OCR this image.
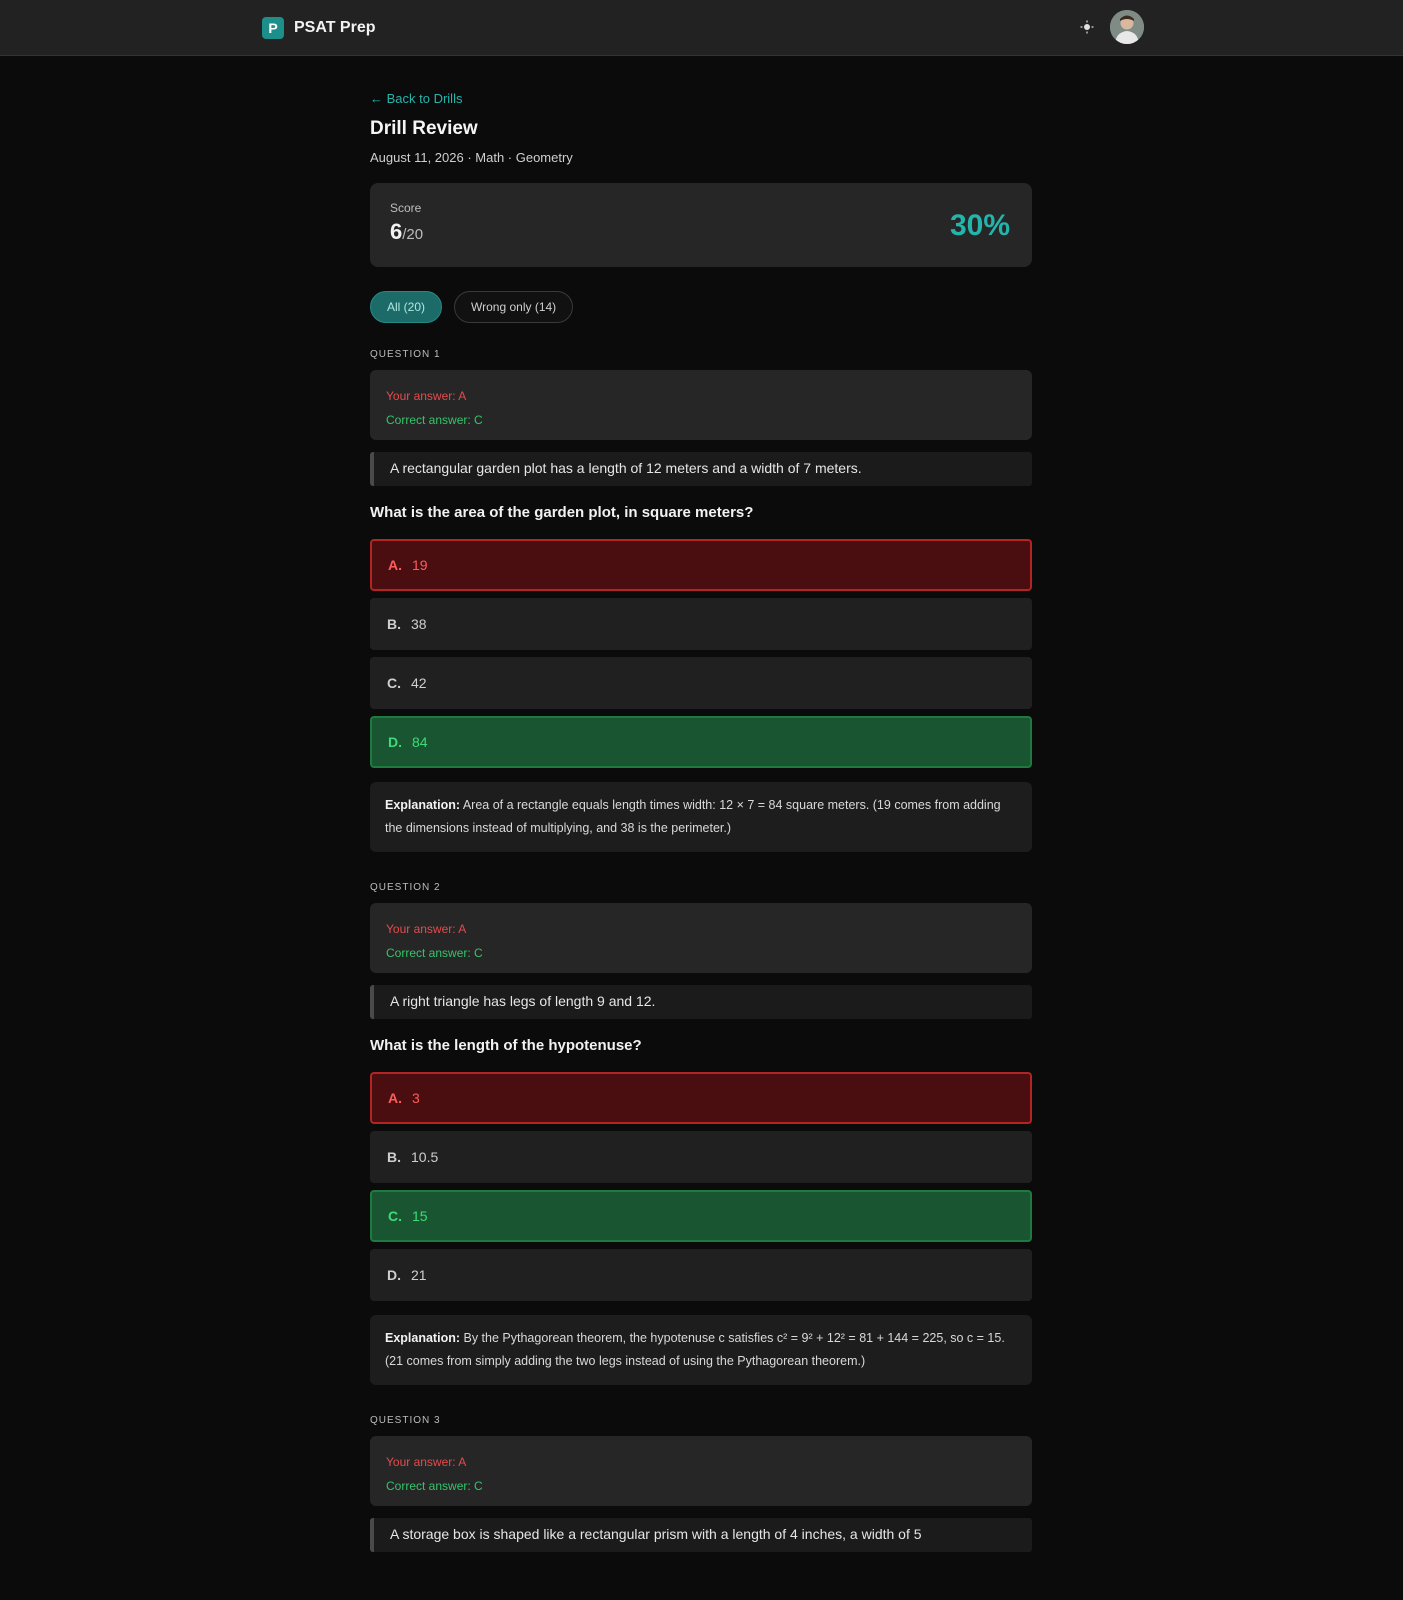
P	PSAT Prep
← Back to Drills
Drill Review
August 11, 2026 · Math · Geometry
Score
6/20	30%
All (20)	Wrong only (14)
QUESTION 1
Your answer: A
Correct answer: C
A rectangular garden plot has a length of 12 meters and a width of 7 meters.
What is the area of the garden plot, in square meters?
A. 19
B. 38
C. 42
D. 84
Explanation: Area of a rectangle equals length times width: 12 × 7 = 84 square meters. (19 comes from adding the dimensions instead of multiplying, and 38 is the perimeter.)
QUESTION 2
Your answer: A
Correct answer: C
A right triangle has legs of length 9 and 12.
What is the length of the hypotenuse?
A. 3
B. 10.5
C. 15
D. 21
Explanation: By the Pythagorean theorem, the hypotenuse c satisfies c² = 9² + 12² = 81 + 144 = 225, so c = 15. (21 comes from simply adding the two legs instead of using the Pythagorean theorem.)
QUESTION 3
Your answer: A
Correct answer: C
A storage box is shaped like a rectangular prism with a length of 4 inches, a width of 5
